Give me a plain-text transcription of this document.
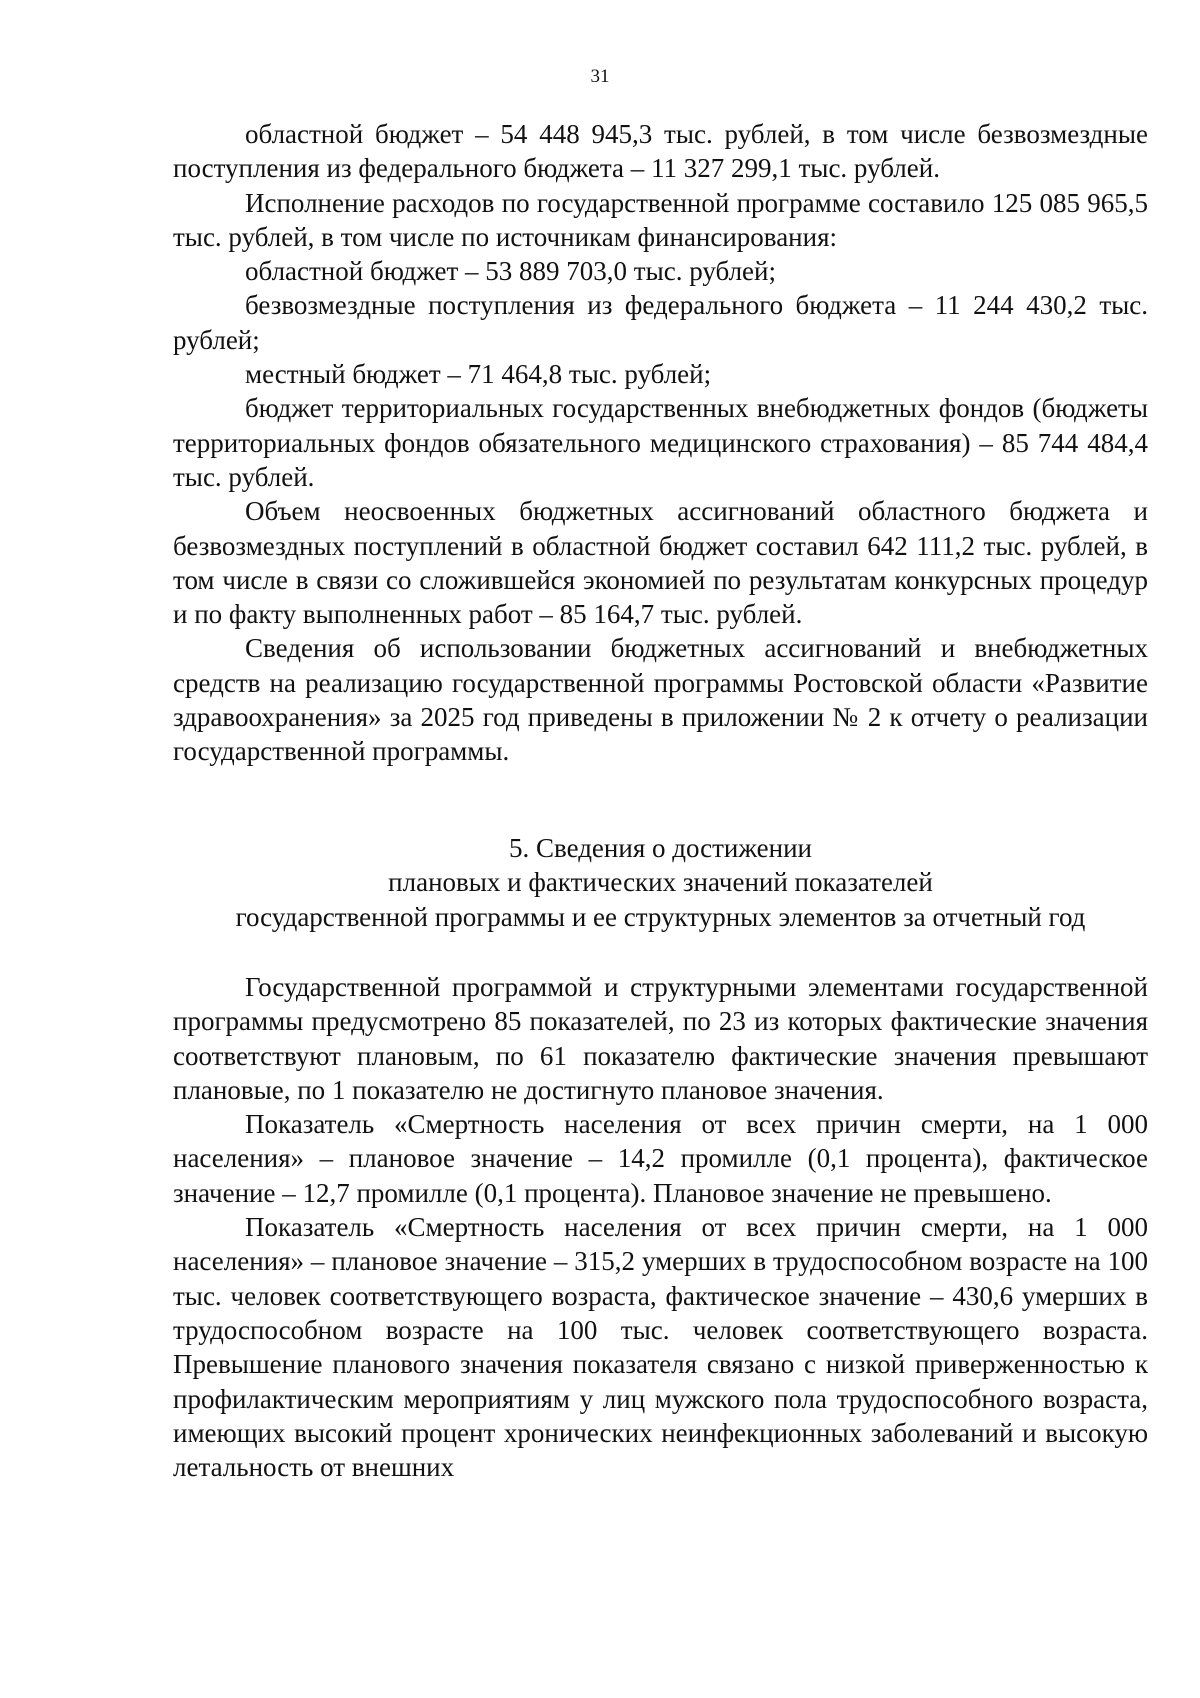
31

областной бюджет – 54 448 945,3 тыс. рублей, в том числе безвозмездные поступления из федерального бюджета – 11 327 299,1 тыс. рублей.

Исполнение расходов по государственной программе составило 125 085 965,5 тыс. рублей, в том числе по источникам финансирования:

областной бюджет – 53 889 703,0 тыс. рублей;

безвозмездные поступления из федерального бюджета – 11 244 430,2 тыс. рублей;

местный бюджет – 71 464,8 тыс. рублей;

бюджет территориальных государственных внебюджетных фондов (бюджеты территориальных фондов обязательного медицинского страхования) – 85 744 484,4 тыс. рублей.

Объем неосвоенных бюджетных ассигнований областного бюджета и безвозмездных поступлений в областной бюджет составил 642 111,2 тыс. рублей, в том числе в связи со сложившейся экономией по результатам конкурсных процедур и по факту выполненных работ – 85 164,7 тыс. рублей.

Сведения об использовании бюджетных ассигнований и внебюджетных средств на реализацию государственной программы Ростовской области «Развитие здравоохранения» за 2025 год приведены в приложении № 2 к отчету о реализации государственной программы.

5. Сведения о достижении
плановых и фактических значений показателей
государственной программы и ее структурных элементов за отчетный год

Государственной программой и структурными элементами государственной программы предусмотрено 85 показателей, по 23 из которых фактические значения соответствуют плановым, по 61 показателю фактические значения превышают плановые, по 1 показателю не достигнуто плановое значения.

Показатель «Смертность населения от всех причин смерти, на 1 000 населения» – плановое значение – 14,2 промилле (0,1 процента), фактическое значение – 12,7 промилле (0,1 процента). Плановое значение не превышено.

Показатель «Смертность населения от всех причин смерти, на 1 000 населения» – плановое значение – 315,2 умерших в трудоспособном возрасте на 100 тыс. человек соответствующего возраста, фактическое значение – 430,6 умерших в трудоспособном возрасте на 100 тыс. человек соответствующего возраста. Превышение планового значения показателя связано с низкой приверженностью к профилактическим мероприятиям у лиц мужского пола трудоспособного возраста, имеющих высокий процент хронических неинфекционных заболеваний и высокую летальность от внешних
